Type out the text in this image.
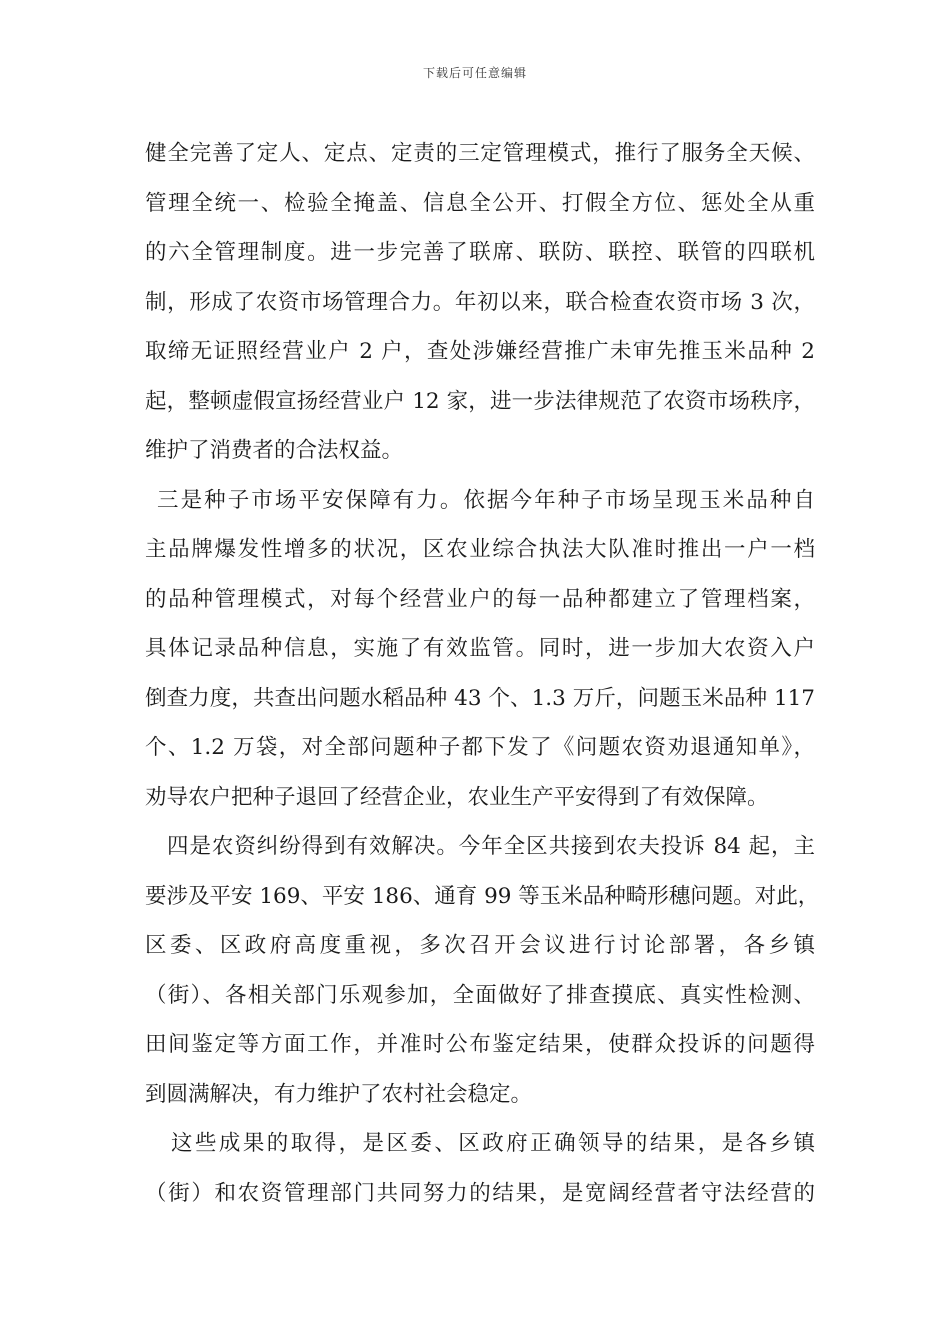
下载后可任意编辑
健全完善了定人、定点、定责的三定管理模式，推行了服务全天候、
管理全统一、检验全掩盖、信息全公开、打假全方位、惩处全从重
的六全管理制度。进一步完善了联席、联防、联控、联管的四联机
制，形成了农资市场管理合力。年初以来，联合检查农资市场 3 次，
取缔无证照经营业户 2 户，查处涉嫌经营推广未审先推玉米品种 2
起，整顿虚假宣扬经营业户 12 家，进一步法律规范了农资市场秩序，
维护了消费者的合法权益。
三是种子市场平安保障有力。依据今年种子市场呈现玉米品种自
主品牌爆发性增多的状况，区农业综合执法大队准时推出一户一档
的品种管理模式，对每个经营业户的每一品种都建立了管理档案，
具体记录品种信息，实施了有效监管。同时，进一步加大农资入户
倒查力度，共查出问题水稻品种 43 个、1.3 万斤，问题玉米品种 117
个、1.2 万袋，对全部问题种子都下发了《问题农资劝退通知单》，
劝导农户把种子退回了经营企业，农业生产平安得到了有效保障。
四是农资纠纷得到有效解决。今年全区共接到农夫投诉 84 起，主
要涉及平安 169、平安 186、通育 99 等玉米品种畸形穗问题。对此，
区委、区政府高度重视，多次召开会议进行讨论部署，各乡镇
（街）、各相关部门乐观参加，全面做好了排查摸底、真实性检测、
田间鉴定等方面工作，并准时公布鉴定结果，使群众投诉的问题得
到圆满解决，有力维护了农村社会稳定。
这些成果的取得，是区委、区政府正确领导的结果，是各乡镇
（街）和农资管理部门共同努力的结果，是宽阔经营者守法经营的
